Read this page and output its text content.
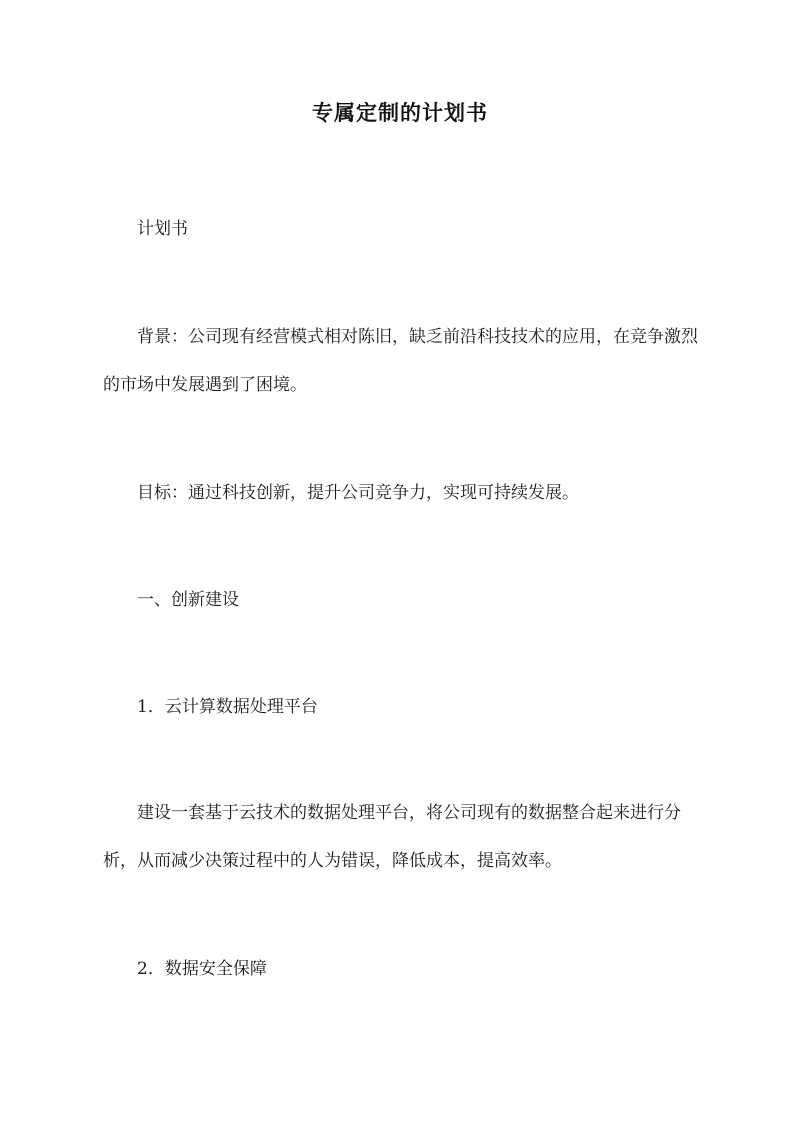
专属定制的计划书
计划书
背景：公司现有经营模式相对陈旧，缺乏前沿科技技术的应用，在竞争激烈的市场中发展遇到了困境。
目标：通过科技创新，提升公司竞争力，实现可持续发展。
一、创新建设
1．云计算数据处理平台
建设一套基于云技术的数据处理平台，将公司现有的数据整合起来进行分析，从而减少决策过程中的人为错误，降低成本，提高效率。
2．数据安全保障
